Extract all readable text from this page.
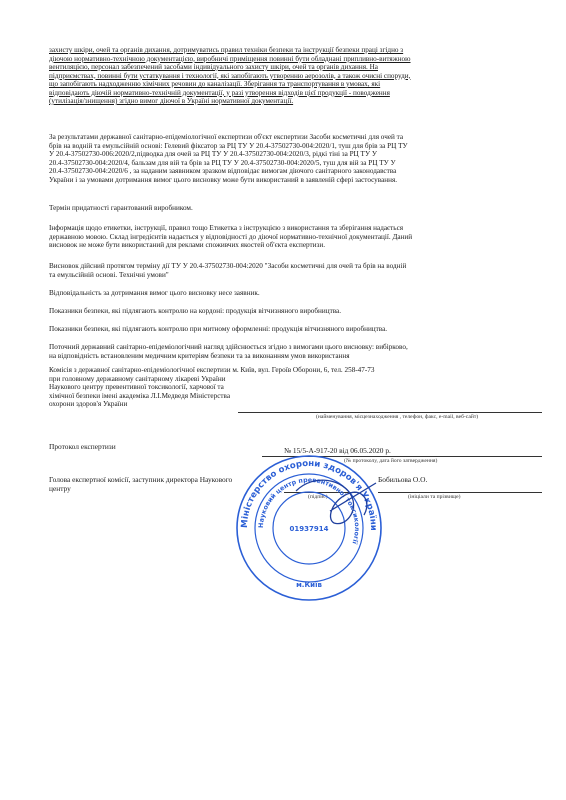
захисту шкіри, очей та органів дихання, дотримуватись правил техніки безпеки та інструкції безпеки праці згідно з

діючою нормативно-технічною документацією, виробничі приміщення повинні бути обладнані припливно-витяжною

вентиляцією, персонал забезпечений засобами індивідуального захисту шкіри, очей та органів дихання. На

підприємствах, повинні бути устаткування і технології, які запобігають утворенню аерозолів, а також очисні споруди,

що запобігають надходженню хімічних речовин до каналізації. Зберігання та транспортування в умовах, які

відповідають діючій нормативно-технічній документації, у разі утворення відходів цієї продукції - поводження

(утилізація/знищення) згідно вимог діючої в Україні нормативної документації.

За результатами державної санітарно-епідеміологічної експертизи об'єкт експертизи Засоби косметичні для очей та

брів на водній та емульсійній основі: Гелевий фіксатор за РЦ ТУ У 20.4-37502730-004:2020/1, туш для брів за РЦ ТУ

У 20.4-37502730-006:2020/2,підводка для очей за РЦ ТУ У 20.4-37502730-004:2020/3, рідкі тіні за РЦ ТУ У

20.4-37502730-004:2020/4, бальзам для вій та брів за РЦ ТУ У 20.4-37502730-004:2020/5, туш для вій за РЦ ТУ У

20.4-37502730-004:2020/6 , за наданим заявником зразком відповідає вимогам діючого санітарного законодавства

України і за умовами дотримання вимог цього висновку може бути використаний в заявленій сфері застосування.

Термін придатності гарантований виробником.

Інформація щодо етикетки, інструкції, правил тощо Етикетка з інструкцією з використання та зберігання надається

державною мовою. Склад інгредієнтів надається у відповідності до діючої нормативно-технічної документації. Даний

висновок не може бути використаний для реклами споживчих якостей об'єкта експертизи.

Висновок дійсний протягом терміну дії ТУ У 20.4-37502730-004:2020 "Засоби косметичні для очей та брів на водній

та емульсійній основі. Технічні умови"

Відповідальність за дотримання вимог цього висновку несе заявник.

Показники безпеки, які підлягають контролю на кордоні: продукція вітчизняного виробництва.

Показники безпеки, які підлягають контролю при митному оформленні: продукція вітчизняного виробництва.

Поточний державний санітарно-епідеміологічний нагляд здійснюється згідно з вимогами цього висновку: вибірково,

на відповідність встановленим медичним критеріям безпеки та за виконанням умов використання

Комісія з державної санітарно-епідеміологічної експертизи м. Київ, вул. Героїв Оборони, 6, тел. 258-47-73

при головному державному санітарному лікареві України

Наукового центру превентивної токсикології, харчової та

хімічної безпеки імені академіка Л.І.Медведя Міністерства

охорони здоров'я України

(найменування, місцезнаходження , телефон, факс, e-mail, веб-сайт)
Протокол експертизи	№ 15/5-А-917-20 від 06.05.2020 р.
(№ протоколу, дата його затвердження)
Голова експертної комісії, заступник директора Наукового
центру
Бобильова О.О.
(підпис)	(ініціали та прізвище)
Міністерство охорони здоров'я України
Науковий центр превентивної токсикології
01937914
м.Київ
